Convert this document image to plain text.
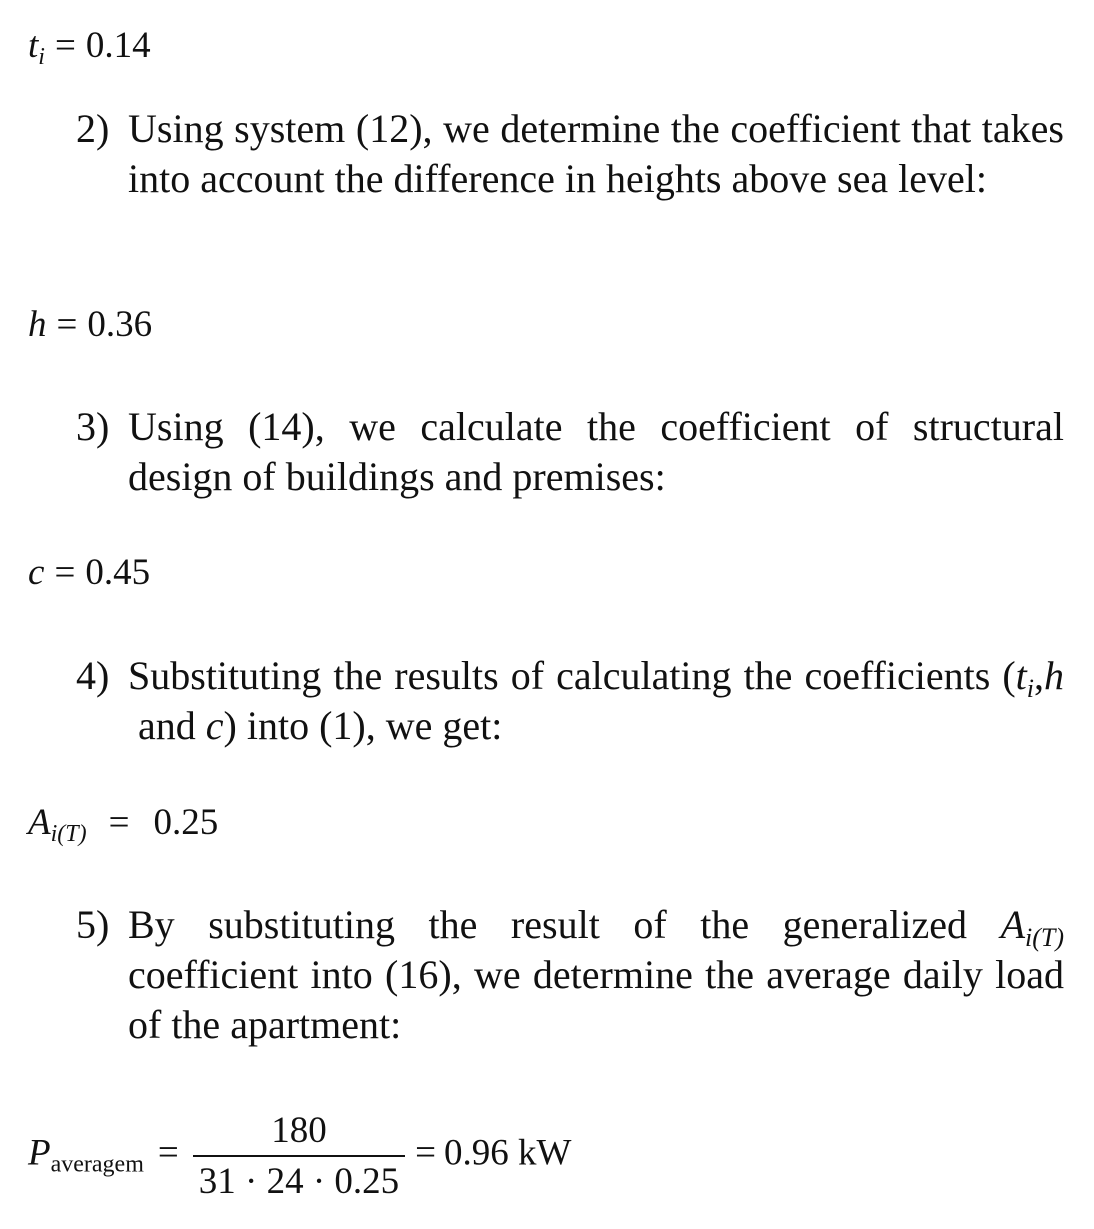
$t_i = 0.14$
2) Using system (12), we determine the coefficient that takes into account the difference in heights above sea level:
h = 0.36
3) Using (14), we calculate the coefficient of structural design of buildings and premises:
c = 0.45
4) Substituting the results of calculating the coefficients ($t_i,h$ and c) into (1), we get:
$A_{i(T)} = 0.25$
5) By substituting the result of the generalized $A_{i(T)}$ coefficient into (16), we determine the average daily load of the apartment:
$P_{averagem} = \frac{180}{31 \cdot 24 \cdot 0.25} = 0.96$ kW
